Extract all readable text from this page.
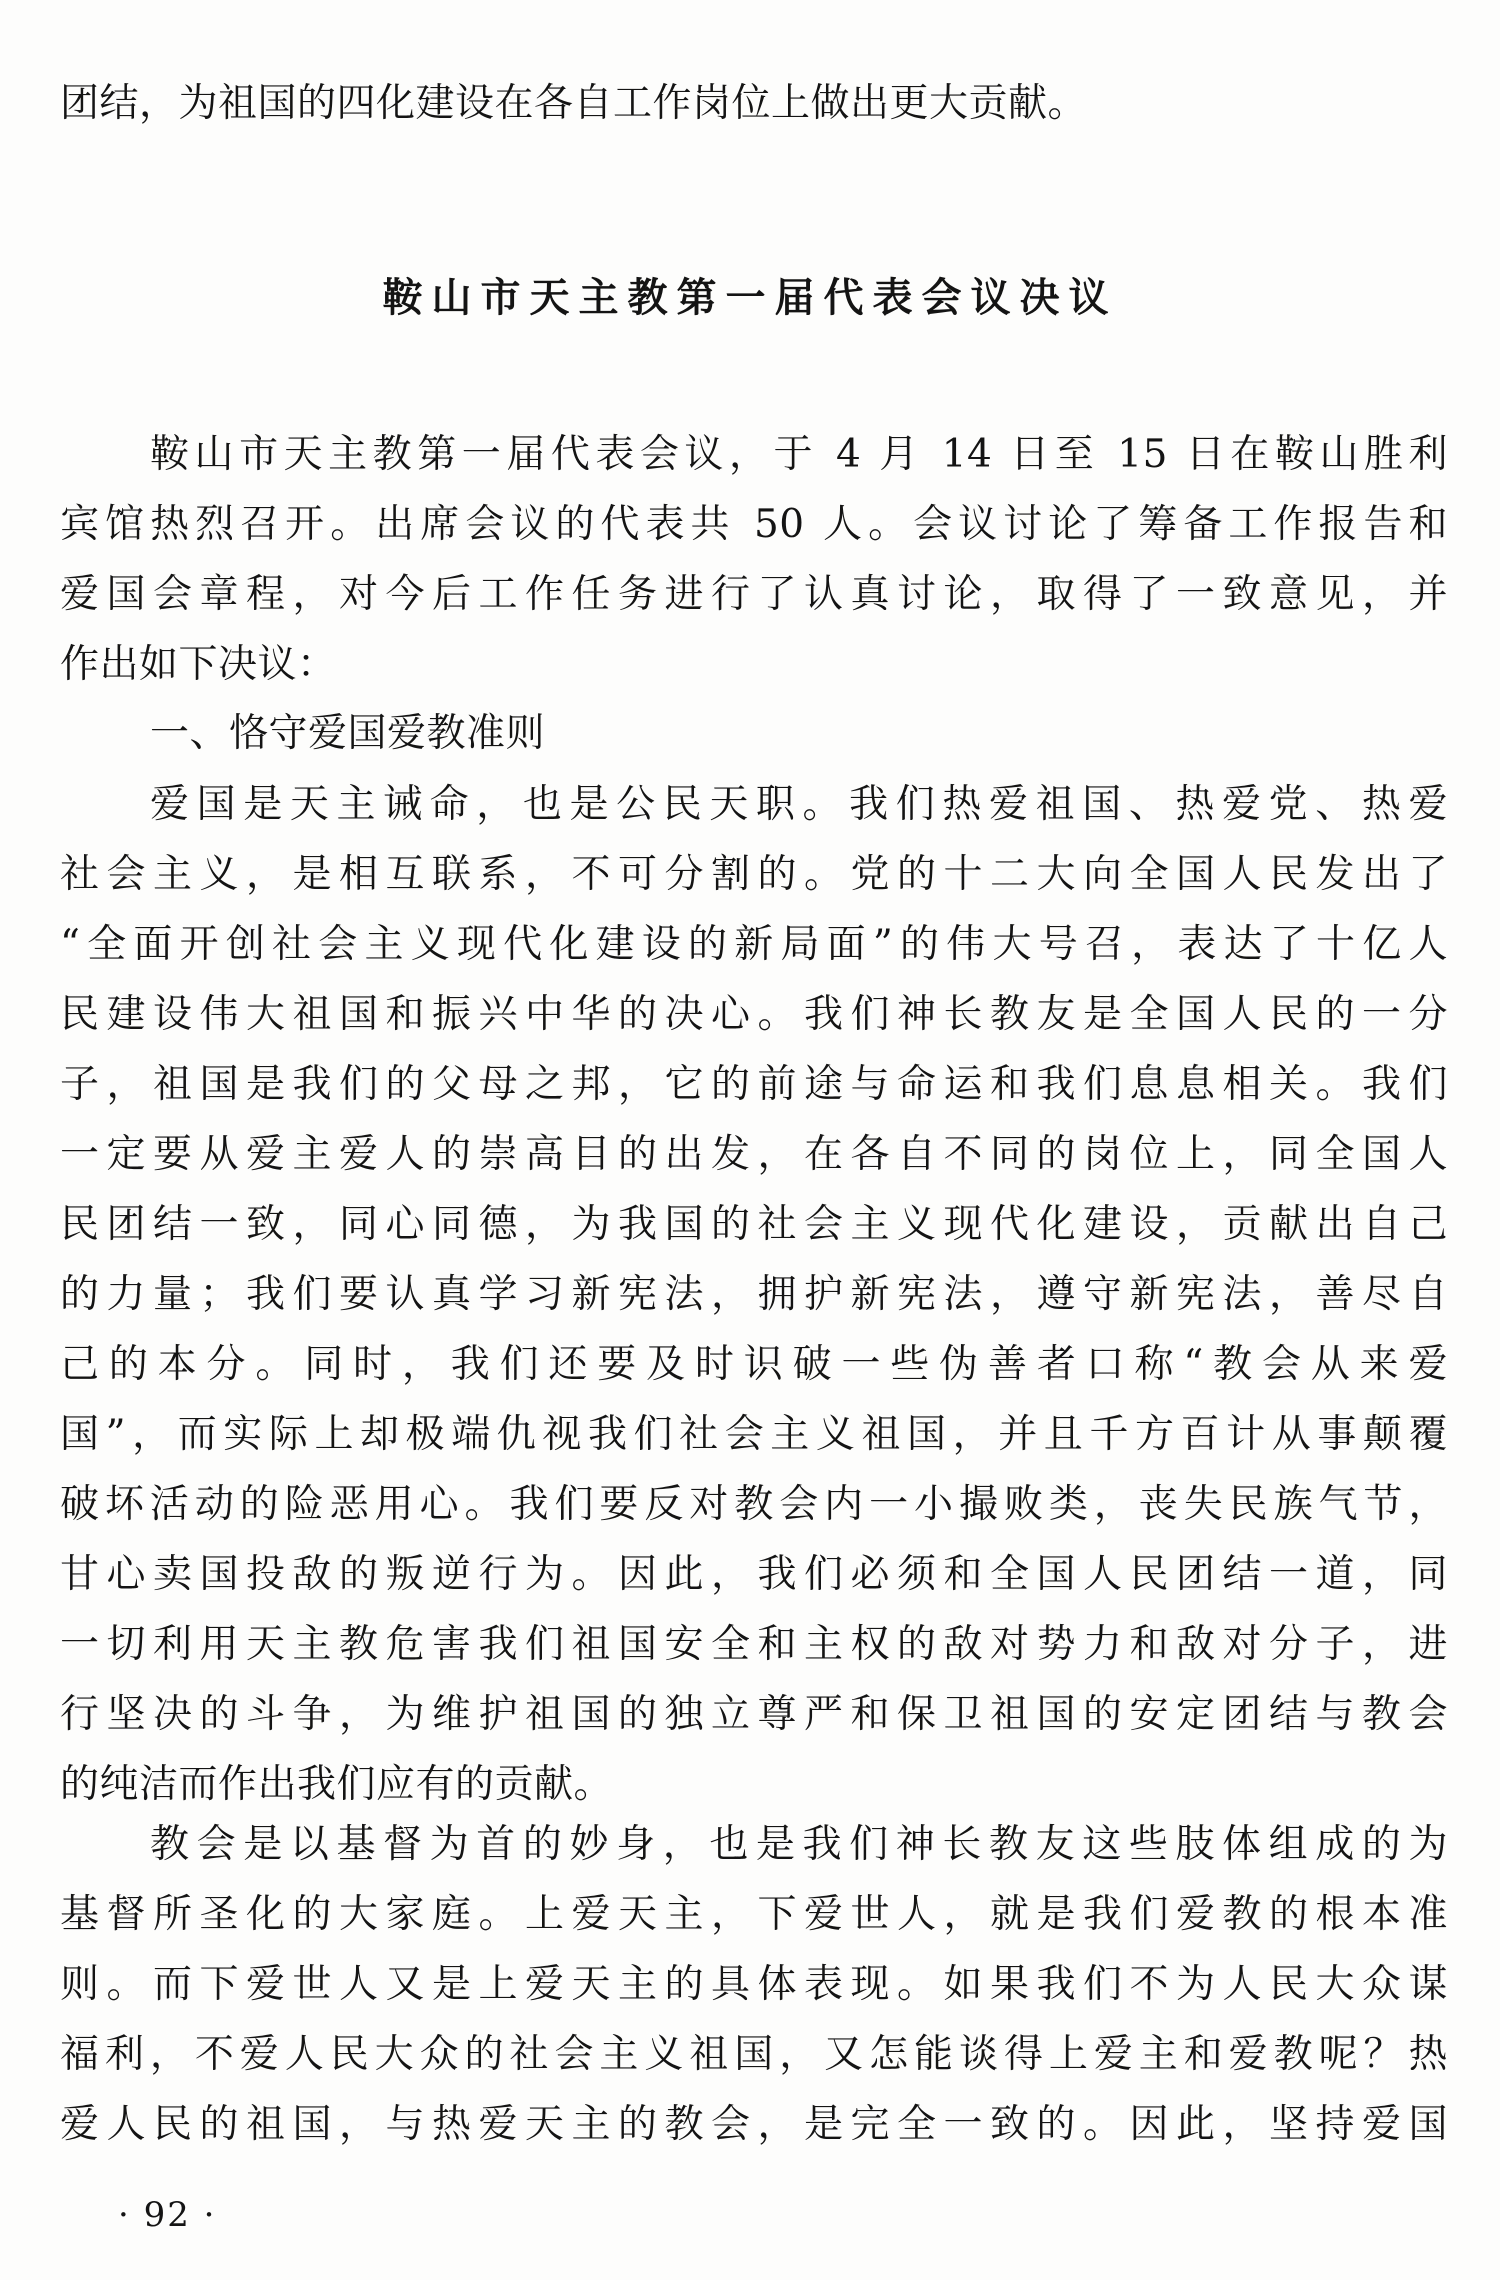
团结，为祖国的四化建设在各自工作岗位上做出更大贡献。
鞍山市天主教第一届代表会议决议
鞍山市天主教第一届代表会议，于 4 月 14 日至 15 日在鞍山胜利
宾馆热烈召开。出席会议的代表共 50 人。会议讨论了筹备工作报告和
爱国会章程，对今后工作任务进行了认真讨论，取得了一致意见，并
作出如下决议：
一、恪守爱国爱教准则
爱国是天主诫命，也是公民天职。我们热爱祖国、热爱党、热爱
社会主义，是相互联系，不可分割的。党的十二大向全国人民发出了
“全面开创社会主义现代化建设的新局面”的伟大号召，表达了十亿人
民建设伟大祖国和振兴中华的决心。我们神长教友是全国人民的一分
子，祖国是我们的父母之邦，它的前途与命运和我们息息相关。我们
一定要从爱主爱人的崇高目的出发，在各自不同的岗位上，同全国人
民团结一致，同心同德，为我国的社会主义现代化建设，贡献出自己
的力量；我们要认真学习新宪法，拥护新宪法，遵守新宪法，善尽自
己的本分。同时，我们还要及时识破一些伪善者口称“教会从来爱
国”，而实际上却极端仇视我们社会主义祖国，并且千方百计从事颠覆
破坏活动的险恶用心。我们要反对教会内一小撮败类，丧失民族气节，
甘心卖国投敌的叛逆行为。因此，我们必须和全国人民团结一道，同
一切利用天主教危害我们祖国安全和主权的敌对势力和敌对分子，进
行坚决的斗争，为维护祖国的独立尊严和保卫祖国的安定团结与教会
的纯洁而作出我们应有的贡献。
教会是以基督为首的妙身，也是我们神长教友这些肢体组成的为
基督所圣化的大家庭。上爱天主，下爱世人，就是我们爱教的根本准
则。而下爱世人又是上爱天主的具体表现。如果我们不为人民大众谋
福利，不爱人民大众的社会主义祖国，又怎能谈得上爱主和爱教呢？热
爱人民的祖国，与热爱天主的教会，是完全一致的。因此，坚持爱国
· 92 ·
